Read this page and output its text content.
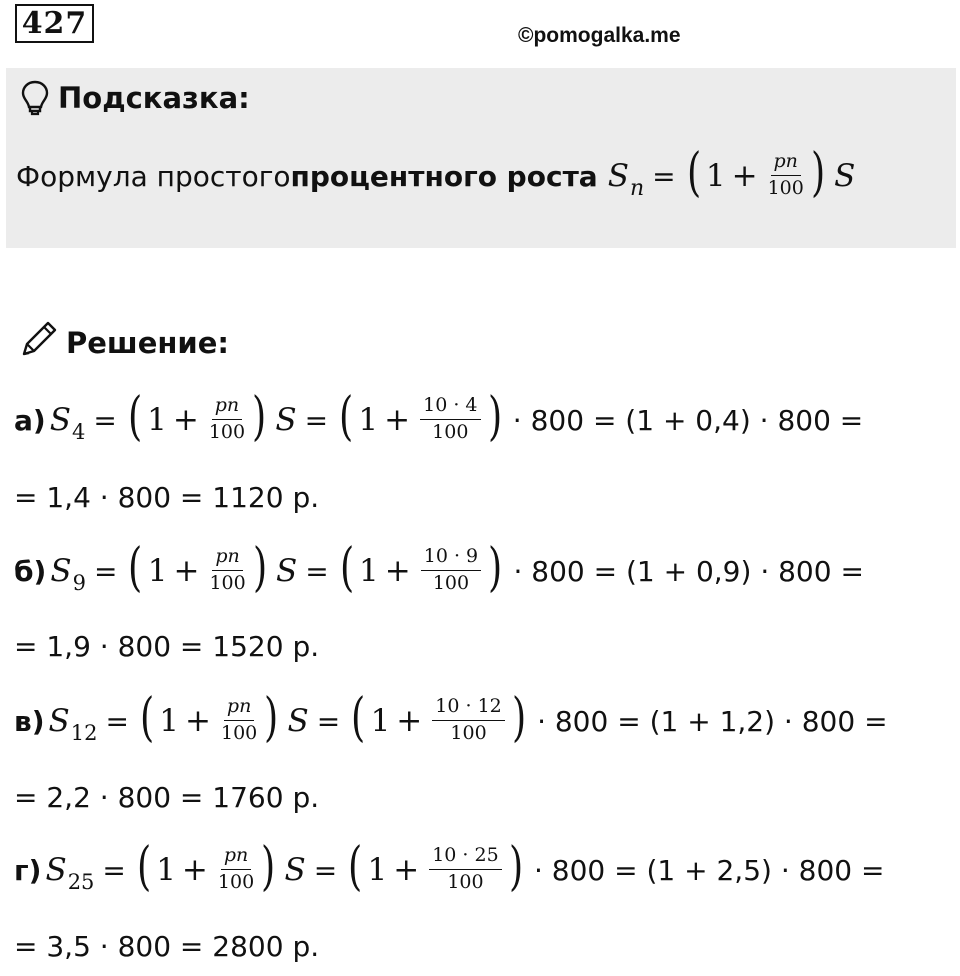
427	©pomogalka.me
Подсказка:
Формула простого процентного роста $S_n$ = ( $1 + \frac{pn}{100}$ ) S
Решение:
а) $S_4$ = ( $1 + \frac{pn}{100}$ ) S = ( $1 + \frac{10 \cdot 4}{100}$ ) · 800 = (1 + 0,4) · 800 =
= 1,4 · 800 = 1120 р.
б) $S_9$ = ( $1 + \frac{pn}{100}$ ) S = ( $1 + \frac{10 \cdot 9}{100}$ ) · 800 = (1 + 0,9) · 800 =
= 1,9 · 800 = 1520 р.
в) $S_{12}$ = ( $1 + \frac{pn}{100}$ ) S = ( $1 + \frac{10 \cdot 12}{100}$ ) · 800 = (1 + 1,2) · 800 =
= 2,2 · 800 = 1760 р.
г) $S_{25}$ = ( $1 + \frac{pn}{100}$ ) S = ( $1 + \frac{10 \cdot 25}{100}$ ) · 800 = (1 + 2,5) · 800 =
= 3,5 · 800 = 2800 р.
